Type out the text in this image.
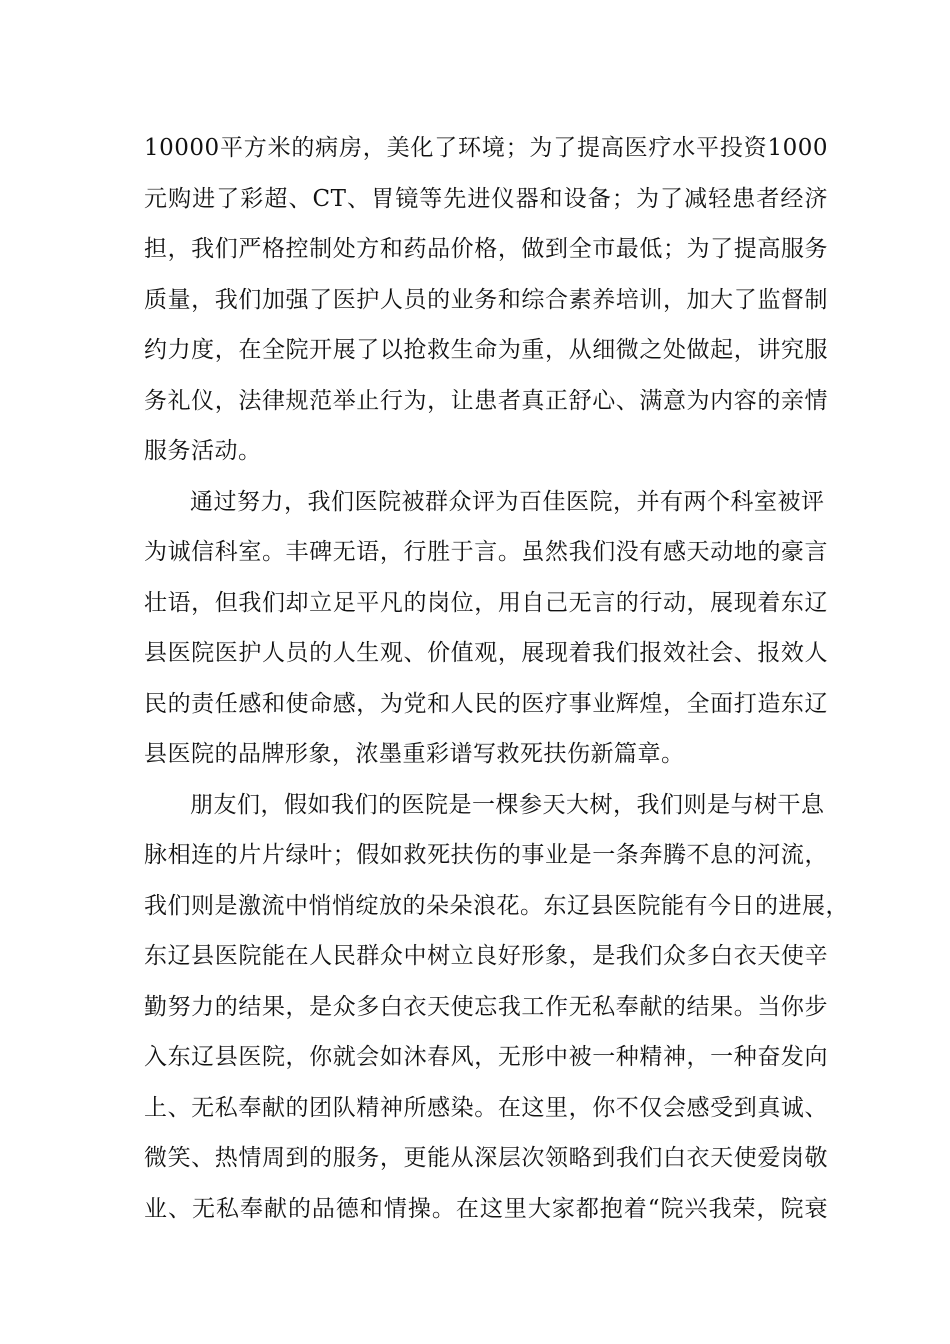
10000平方米的病房，美化了环境；为了提高医疗水平投资1000
元购进了彩超、CT、胃镜等先进仪器和设备；为了减轻患者经济
担，我们严格控制处方和药品价格，做到全市最低；为了提高服务
质量，我们加强了医护人员的业务和综合素养培训，加大了监督制
约力度，在全院开展了以抢救生命为重，从细微之处做起，讲究服
务礼仪，法律规范举止行为，让患者真正舒心、满意为内容的亲情
服务活动。
通过努力，我们医院被群众评为百佳医院，并有两个科室被评
为诚信科室。丰碑无语，行胜于言。虽然我们没有感天动地的豪言
壮语，但我们却立足平凡的岗位，用自己无言的行动，展现着东辽
县医院医护人员的人生观、价值观，展现着我们报效社会、报效人
民的责任感和使命感，为党和人民的医疗事业辉煌，全面打造东辽
县医院的品牌形象，浓墨重彩谱写救死扶伤新篇章。
朋友们，假如我们的医院是一棵参天大树，我们则是与树干息
脉相连的片片绿叶；假如救死扶伤的事业是一条奔腾不息的河流，
我们则是激流中悄悄绽放的朵朵浪花。东辽县医院能有今日的进展，
东辽县医院能在人民群众中树立良好形象，是我们众多白衣天使辛
勤努力的结果，是众多白衣天使忘我工作无私奉献的结果。当你步
入东辽县医院，你就会如沐春风，无形中被一种精神，一种奋发向
上、无私奉献的团队精神所感染。在这里，你不仅会感受到真诚、
微笑、热情周到的服务，更能从深层次领略到我们白衣天使爱岗敬
业、无私奉献的品德和情操。在这里大家都抱着“院兴我荣，院衰
